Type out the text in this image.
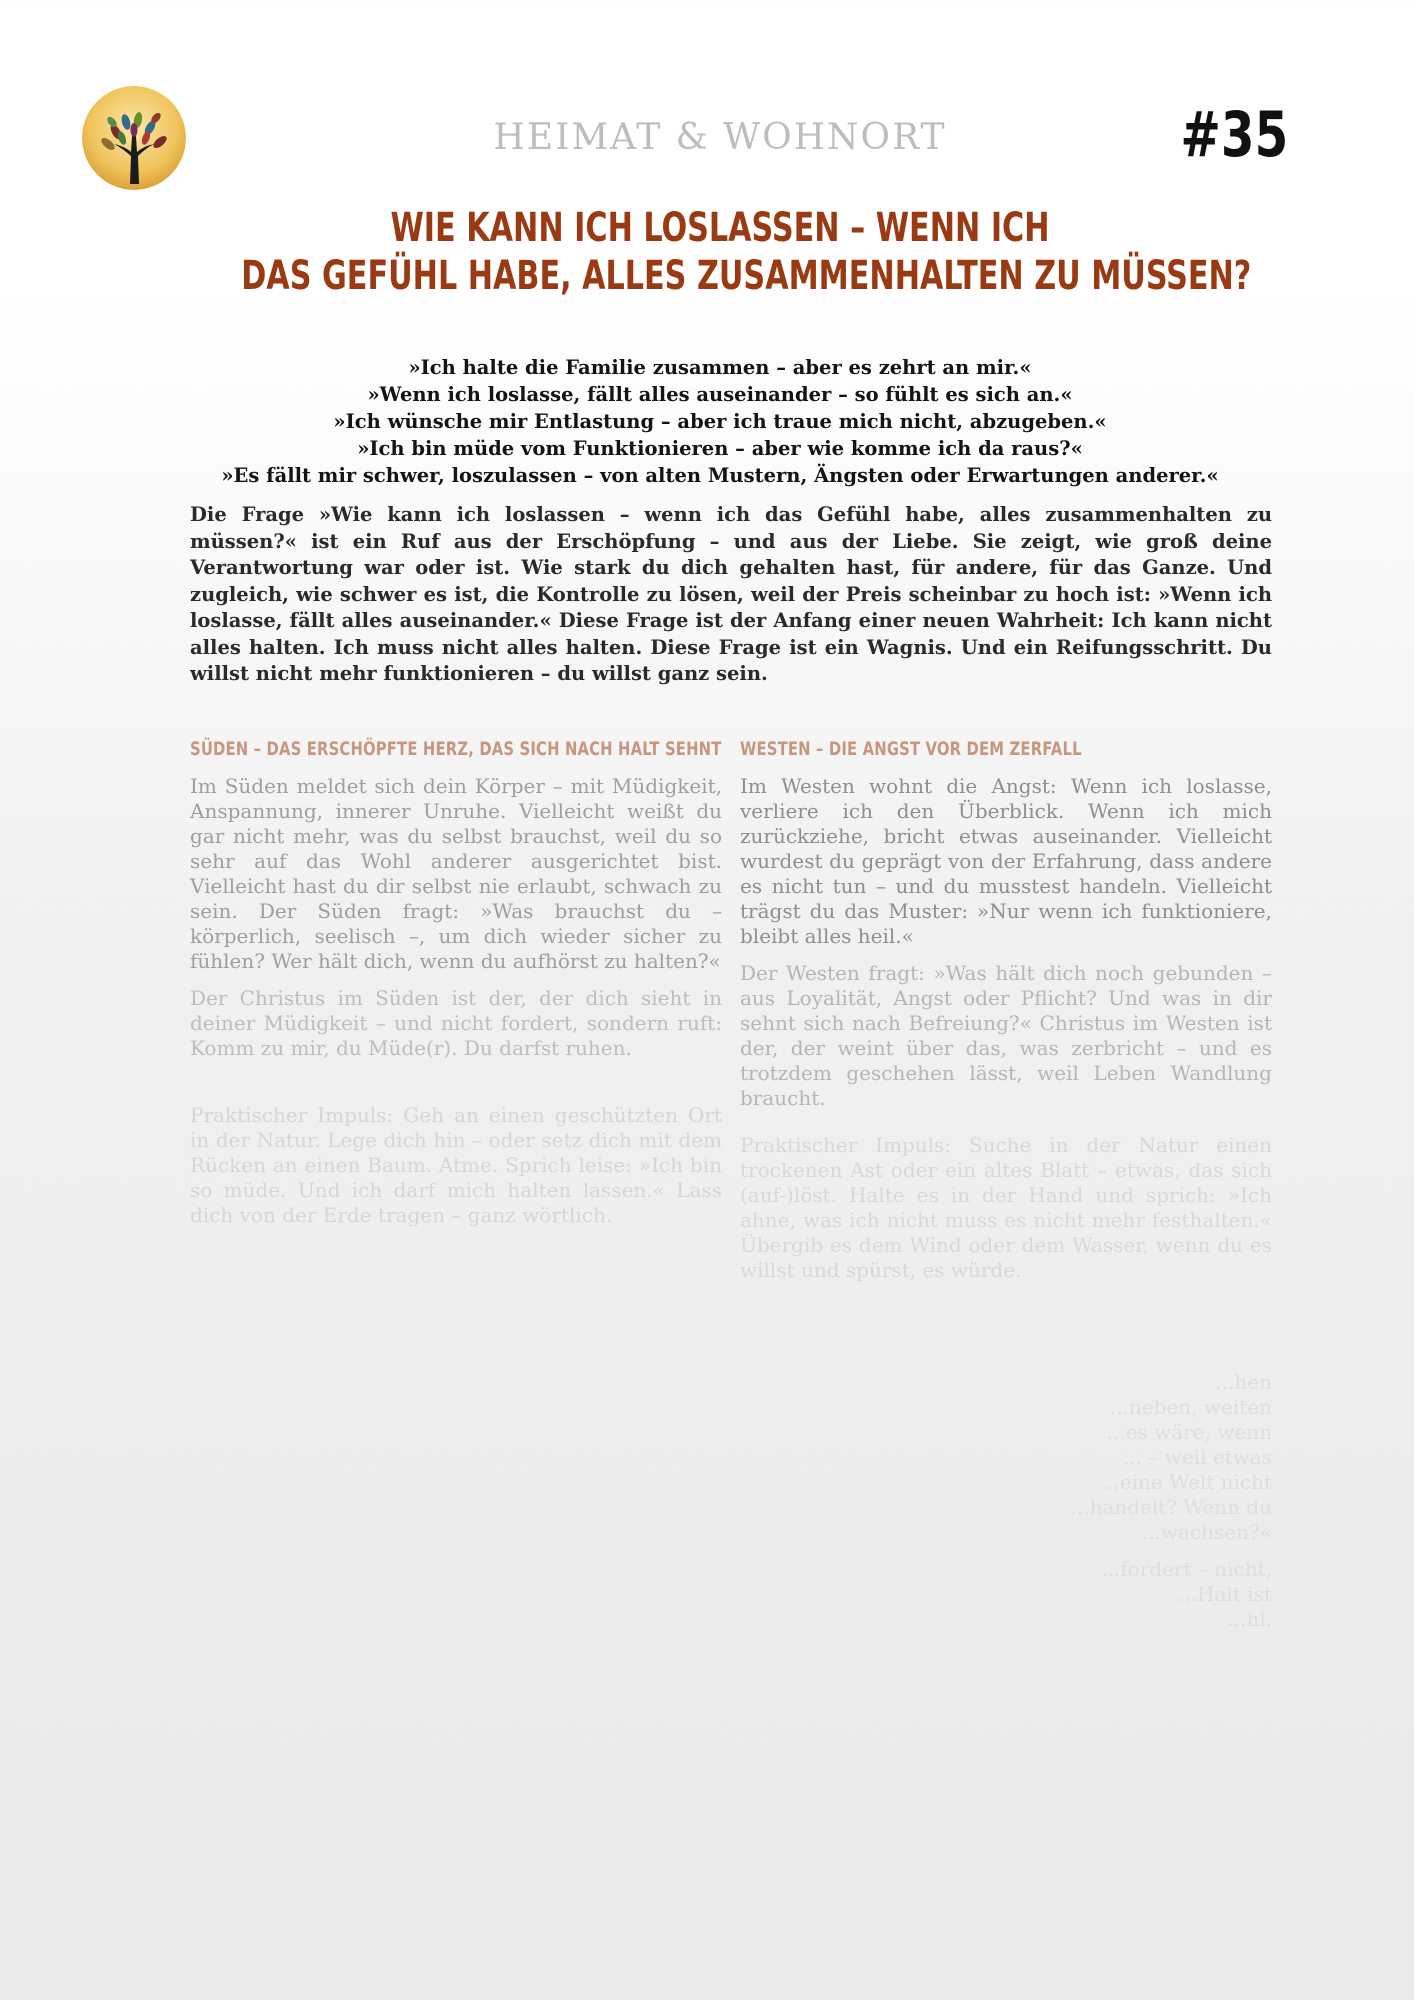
HEIMAT & WOHNORT	#35
WIE KANN ICH LOSLASSEN – WENN ICH
DAS GEFÜHL HABE, ALLES ZUSAMMENHALTEN ZU MÜSSEN?
»Ich halte die Familie zusammen – aber es zehrt an mir.«
»Wenn ich loslasse, fällt alles auseinander – so fühlt es sich an.«
»Ich wünsche mir Entlastung – aber ich traue mich nicht, abzugeben.«
»Ich bin müde vom Funktionieren – aber wie komme ich da raus?«
»Es fällt mir schwer, loszulassen – von alten Mustern, Ängsten oder Erwartungen anderer.«
Die Frage »Wie kann ich loslassen – wenn ich das Gefühl habe, alles zusammenhalten zu müssen?« ist ein Ruf aus der Erschöpfung – und aus der Liebe. Sie zeigt, wie groß deine Verantwortung war oder ist. Wie stark du dich gehalten hast, für andere, für das Ganze. Und zugleich, wie schwer es ist, die Kontrolle zu lösen, weil der Preis scheinbar zu hoch ist: »Wenn ich loslasse, fällt alles auseinander.« Diese Frage ist der Anfang einer neuen Wahrheit: Ich kann nicht alles halten. Ich muss nicht alles halten. Diese Frage ist ein Wagnis. Und ein Reifungsschritt. Du willst nicht mehr funktionieren – du willst ganz sein.
SÜDEN – DAS ERSCHÖPFTE HERZ, DAS SICH NACH HALT SEHNT

Im Süden meldet sich dein Körper – mit Müdigkeit, Anspannung, innerer Unruhe. Vielleicht weißt du gar nicht mehr, was du selbst brauchst, weil du so sehr auf das Wohl anderer ausgerichtet bist. Vielleicht hast du dir selbst nie erlaubt, schwach zu sein. Der Süden fragt: »Was brauchst du – körperlich, seelisch –, um dich wieder sicher zu fühlen? Wer hält dich, wenn du aufhörst zu halten?«

Der Christus im Süden ist der, der dich sieht in deiner Müdigkeit – und nicht fordert, sondern ruft: Komm zu mir, du Müde(r). Du darfst ruhen.

Praktischer Impuls: Geh an einen geschützten Ort in der Natur. Lege dich hin – oder setz dich mit dem Rücken an einen Baum. Atme. Sprich leise: »Ich bin so müde. Und ich darf mich halten lassen.« Lass dich von der Erde tragen – ganz wörtlich.

WESTEN – DIE ANGST VOR DEM ZERFALL

Im Westen wohnt die Angst: Wenn ich loslasse, verliere ich den Überblick. Wenn ich mich zurückziehe, bricht etwas auseinander. Vielleicht wurdest du geprägt von der Erfahrung, dass andere es nicht tun – und du musstest handeln. Vielleicht trägst du das Muster: »Nur wenn ich funktioniere, bleibt alles heil.«

Der Westen fragt: »Was hält dich noch gebunden – aus Loyalität, Angst oder Pflicht? Und was in dir sehnt sich nach Befreiung?« Christus im Westen ist der, der weint über das, was zerbricht – und es trotzdem geschehen lässt, weil Leben Wandlung braucht.

Praktischer Impuls: Suche in der Natur einen trockenen Ast oder ein altes Blatt – etwas, das sich (auf-)löst. Halte es in der Hand und sprich: »Ich ahne, was ich nicht muss es nicht mehr festhalten.« Übergib es dem Wind oder dem Wasser, wenn du es willst und spürst, es würde.

...hen

...neben, weiten

...es wäre, wenn

... – weil etwas

...eine Welt nicht

...handelt? Wenn du

...wachsen?«

...fordert – nicht,

...Halt ist

...hl.
